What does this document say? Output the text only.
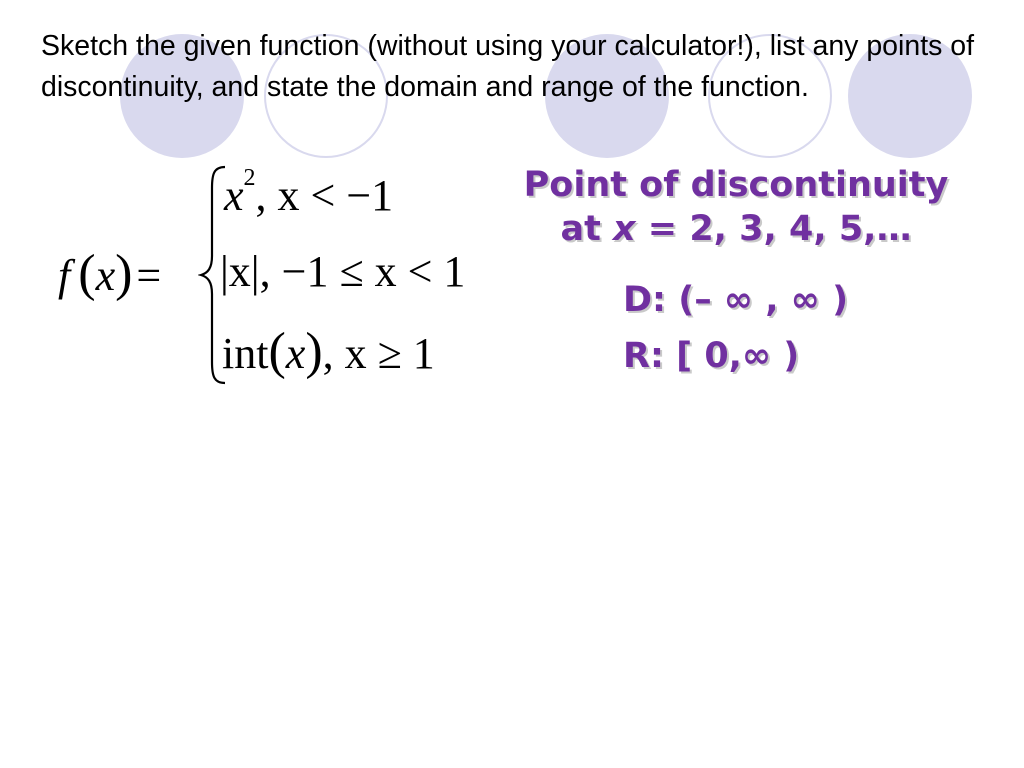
Sketch the given function (without using your calculator!), list any points of discontinuity, and state the domain and range of the function.

f (x)=
$x^2$, x < −1
|x|, −1 ≤ x < 1
int(x), x ≥ 1

Point of discontinuity
at x = 2, 3, 4, 5,…

D: (– ∞ , ∞ )

R: [ 0,∞ )
